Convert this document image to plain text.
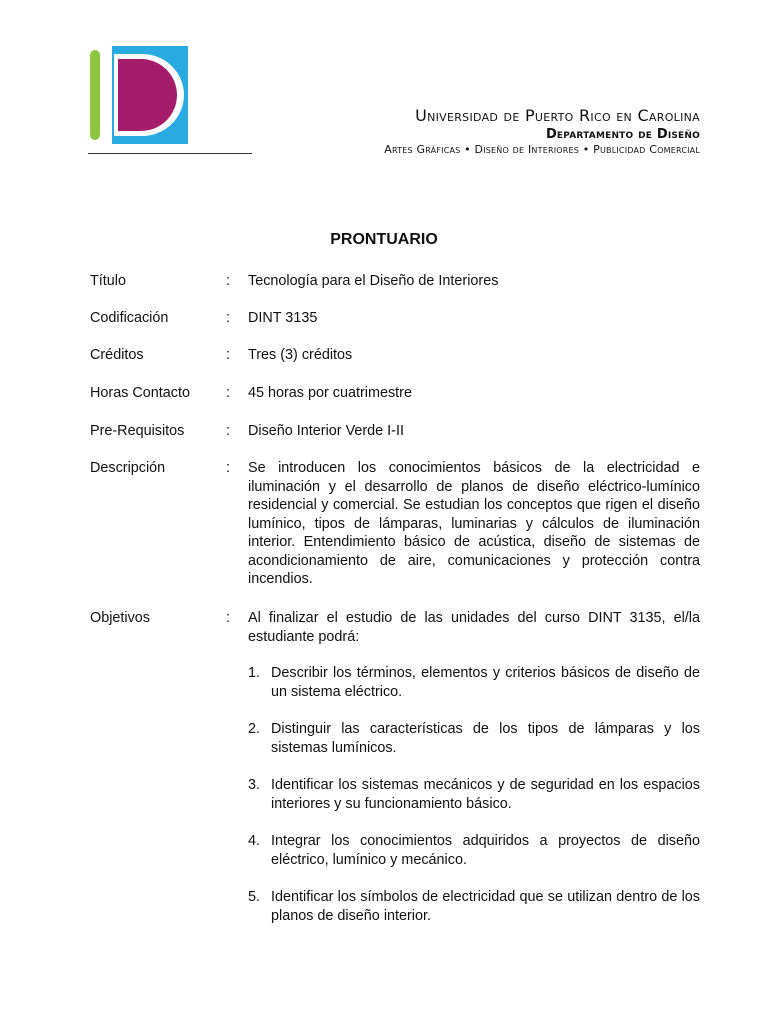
Universidad de Puerto Rico en Carolina
Departamento de Diseño
Artes Gráficas • Diseño de Interiores • Publicidad Comercial
PRONTUARIO
Título	: Tecnología para el Diseño de Interiores
Codificación	: DINT 3135
Créditos	: Tres (3) créditos
Horas Contacto	: 45 horas por cuatrimestre
Pre-Requisitos	: Diseño Interior Verde I-II
Descripción	: Se introducen los conocimientos básicos de la electricidad e iluminación y el desarrollo de planos de diseño eléctrico-lumínico residencial y comercial. Se estudian los conceptos que rigen el diseño lumínico, tipos de lámparas, luminarias y cálculos de iluminación interior. Entendimiento básico de acústica, diseño de sistemas de acondicionamiento de aire, comunicaciones y protección contra incendios.
Objetivos	: Al finalizar el estudio de las unidades del curso DINT 3135, el/la estudiante podrá:
1. Describir los términos, elementos y criterios básicos de diseño de un sistema eléctrico.
2. Distinguir las características de los tipos de lámparas y los sistemas lumínicos.
3. Identificar los sistemas mecánicos y de seguridad en los espacios interiores y su funcionamiento básico.
4. Integrar los conocimientos adquiridos a proyectos de diseño eléctrico, lumínico y mecánico.
5. Identificar los símbolos de electricidad que se utilizan dentro de los planos de diseño interior.
